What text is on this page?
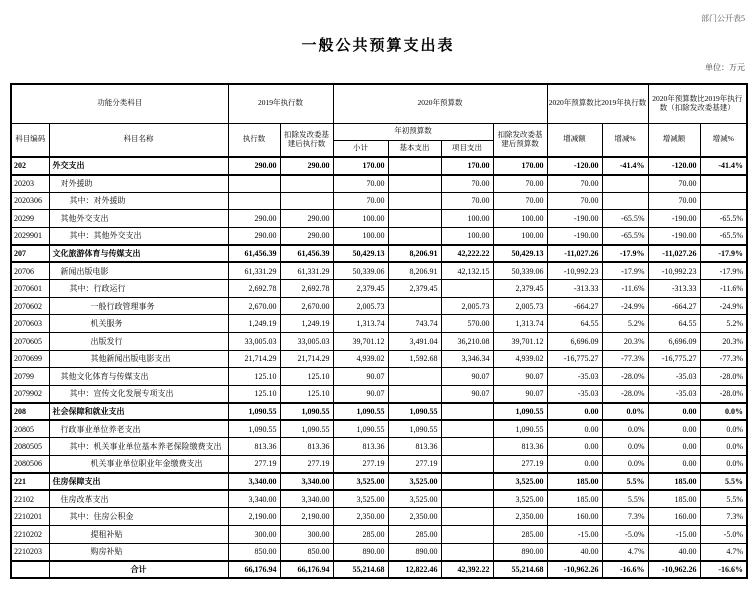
部门公开表5
一般公共预算支出表
单位：万元
功能分类科目		2019年执行数		2020年预算数				2020年预算数比2019年执行数		2020年预算数比2019年执行数（扣除发改委基建）	
科目编码	科目名称	执行数	扣除发改委基建后执行数	年初预算数			扣除发改委基建后预算数	增减额	增减%	增减额	增减%
				小计	基本支出	项目支出					
202	外交支出	290.00	290.00	170.00		170.00	170.00	-120.00	-41.4%	-120.00	-41.4%
20203	对外援助			70.00		70.00	70.00	70.00		70.00	
2020306	其中：对外援助			70.00		70.00	70.00	70.00		70.00	
20299	其他外交支出	290.00	290.00	100.00		100.00	100.00	-190.00	-65.5%	-190.00	-65.5%
2029901	其中：其他外交支出	290.00	290.00	100.00		100.00	100.00	-190.00	-65.5%	-190.00	-65.5%
207	文化旅游体育与传媒支出	61,456.39	61,456.39	50,429.13	8,206.91	42,222.22	50,429.13	-11,027.26	-17.9%	-11,027.26	-17.9%
20706	新闻出版电影	61,331.29	61,331.29	50,339.06	8,206.91	42,132.15	50,339.06	-10,992.23	-17.9%	-10,992.23	-17.9%
2070601	其中：行政运行	2,692.78	2,692.78	2,379.45	2,379.45		2,379.45	-313.33	-11.6%	-313.33	-11.6%
2070602	一般行政管理事务	2,670.00	2,670.00	2,005.73		2,005.73	2,005.73	-664.27	-24.9%	-664.27	-24.9%
2070603	机关服务	1,249.19	1,249.19	1,313.74	743.74	570.00	1,313.74	64.55	5.2%	64.55	5.2%
2070605	出版发行	33,005.03	33,005.03	39,701.12	3,491.04	36,210.08	39,701.12	6,696.09	20.3%	6,696.09	20.3%
2070699	其他新闻出版电影支出	21,714.29	21,714.29	4,939.02	1,592.68	3,346.34	4,939.02	-16,775.27	-77.3%	-16,775.27	-77.3%
20799	其他文化体育与传媒支出	125.10	125.10	90.07		90.07	90.07	-35.03	-28.0%	-35.03	-28.0%
2079902	其中：宣传文化发展专项支出	125.10	125.10	90.07		90.07	90.07	-35.03	-28.0%	-35.03	-28.0%
208	社会保障和就业支出	1,090.55	1,090.55	1,090.55	1,090.55		1,090.55	0.00	0.0%	0.00	0.0%
20805	行政事业单位养老支出	1,090.55	1,090.55	1,090.55	1,090.55		1,090.55	0.00	0.0%	0.00	0.0%
2080505	其中：机关事业单位基本养老保险缴费支出	813.36	813.36	813.36	813.36		813.36	0.00	0.0%	0.00	0.0%
2080506	机关事业单位职业年金缴费支出	277.19	277.19	277.19	277.19		277.19	0.00	0.0%	0.00	0.0%
221	住房保障支出	3,340.00	3,340.00	3,525.00	3,525.00		3,525.00	185.00	5.5%	185.00	5.5%
22102	住房改革支出	3,340.00	3,340.00	3,525.00	3,525.00		3,525.00	185.00	5.5%	185.00	5.5%
2210201	其中：住房公积金	2,190.00	2,190.00	2,350.00	2,350.00		2,350.00	160.00	7.3%	160.00	7.3%
2210202	提租补贴	300.00	300.00	285.00	285.00		285.00	-15.00	-5.0%	-15.00	-5.0%
2210203	购房补贴	850.00	850.00	890.00	890.00		890.00	40.00	4.7%	40.00	4.7%
	合计	66,176.94	66,176.94	55,214.68	12,822.46	42,392.22	55,214.68	-10,962.26	-16.6%	-10,962.26	-16.6%
